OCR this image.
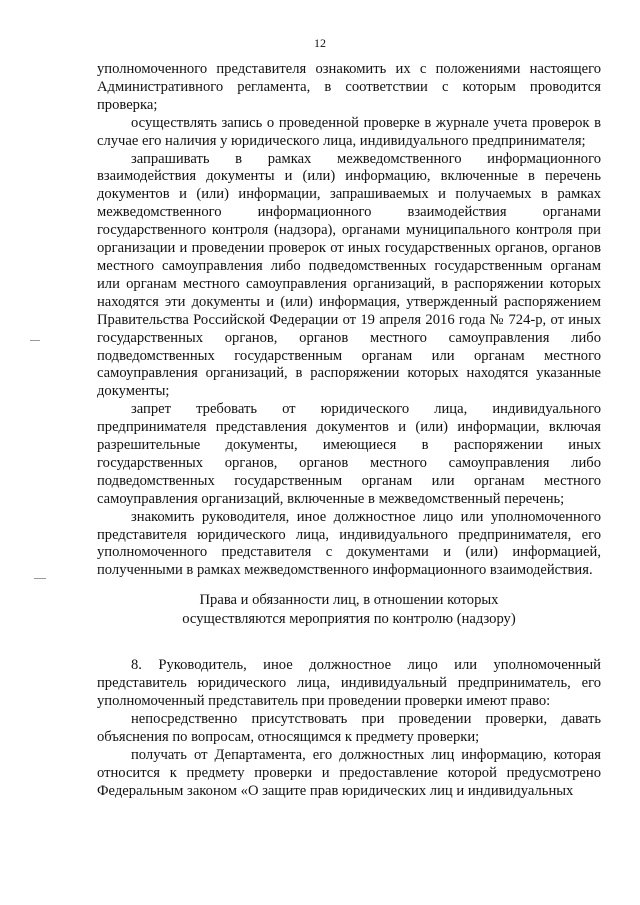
12

уполномоченного представителя ознакомить их с положениями настоящего Административного регламента, в соответствии с которым проводится проверка;

осуществлять запись о проведенной проверке в журнале учета проверок в случае его наличия у юридического лица, индивидуального предпринимателя;

запрашивать в рамках межведомственного информационного взаимодействия документы и (или) информацию, включенные в перечень документов и (или) информации, запрашиваемых и получаемых в рамках межведомственного информационного взаимодействия органами государственного контроля (надзора), органами муниципального контроля при организации и проведении проверок от иных государственных органов, органов местного самоуправления либо подведомственных государственным органам или органам местного самоуправления организаций, в распоряжении которых находятся эти документы и (или) информация, утвержденный распоряжением Правительства Российской Федерации от 19 апреля 2016 года № 724-р, от иных государственных органов, органов местного самоуправления либо подведомственных государственным органам или органам местного самоуправления организаций, в распоряжении которых находятся указанные документы;

запрет требовать от юридического лица, индивидуального предпринимателя представления документов и (или) информации, включая разрешительные документы, имеющиеся в распоряжении иных государственных органов, органов местного самоуправления либо подведомственных государственным органам или органам местного самоуправления организаций, включенные в межведомственный перечень;

знакомить руководителя, иное должностное лицо или уполномоченного представителя юридического лица, индивидуального предпринимателя, его уполномоченного представителя с документами и (или) информацией, полученными в рамках межведомственного информационного взаимодействия.

Права и обязанности лиц, в отношении которых
осуществляются мероприятия по контролю (надзору)

8. Руководитель, иное должностное лицо или уполномоченный представитель юридического лица, индивидуальный предприниматель, его уполномоченный представитель при проведении проверки имеют право:

непосредственно присутствовать при проведении проверки, давать объяснения по вопросам, относящимся к предмету проверки;

получать от Департамента, его должностных лиц информацию, которая относится к предмету проверки и предоставление которой предусмотрено Федеральным законом «О защите прав юридических лиц и индивидуальных
